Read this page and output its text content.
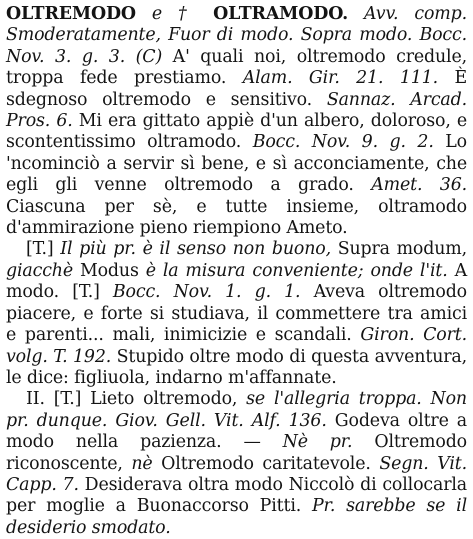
OLTREMODO e † OLTRAMODO. Avv. comp. Smoderatamente, Fuor di modo. Sopra modo. Bocc. Nov. 3. g. 3. (C) A' quali noi, oltremodo credule, troppa fede prestiamo. Alam. Gir. 21. 111. È sdegnoso oltremodo e sensitivo. Sannaz. Arcad. Pros. 6. Mi era gittato appiè d'un albero, doloroso, e scontentissimo oltramodo. Bocc. Nov. 9. g. 2. Lo 'ncominciò a servir sì bene, e sì acconciamente, che egli gli venne oltremodo a grado. Amet. 36. Ciascuna per sè, e tutte insieme, oltramodo d'ammirazione pieno riempiono Ameto.

[T.] Il più pr. è il senso non buono, Supra modum, giacchè Modus è la misura conveniente; onde l'it. A modo. [T.] Bocc. Nov. 1. g. 1. Aveva oltremodo piacere, e forte si studiava, il commettere tra amici e parenti... mali, inimicizie e scandali. Giron. Cort. volg. T. 192. Stupido oltre modo di questa avventura, le dice: figliuola, indarno m'affannate.

II. [T.] Lieto oltremodo, se l'allegria troppa. Non pr. dunque. Giov. Gell. Vit. Alf. 136. Godeva oltre a modo nella pazienza. — Nè pr. Oltremodo riconoscente, nè Oltremodo caritatevole. Segn. Vit. Capp. 7. Desiderava oltra modo Niccolò di collocarla per moglie a Buonaccorso Pitti. Pr. sarebbe se il desiderio smodato.
